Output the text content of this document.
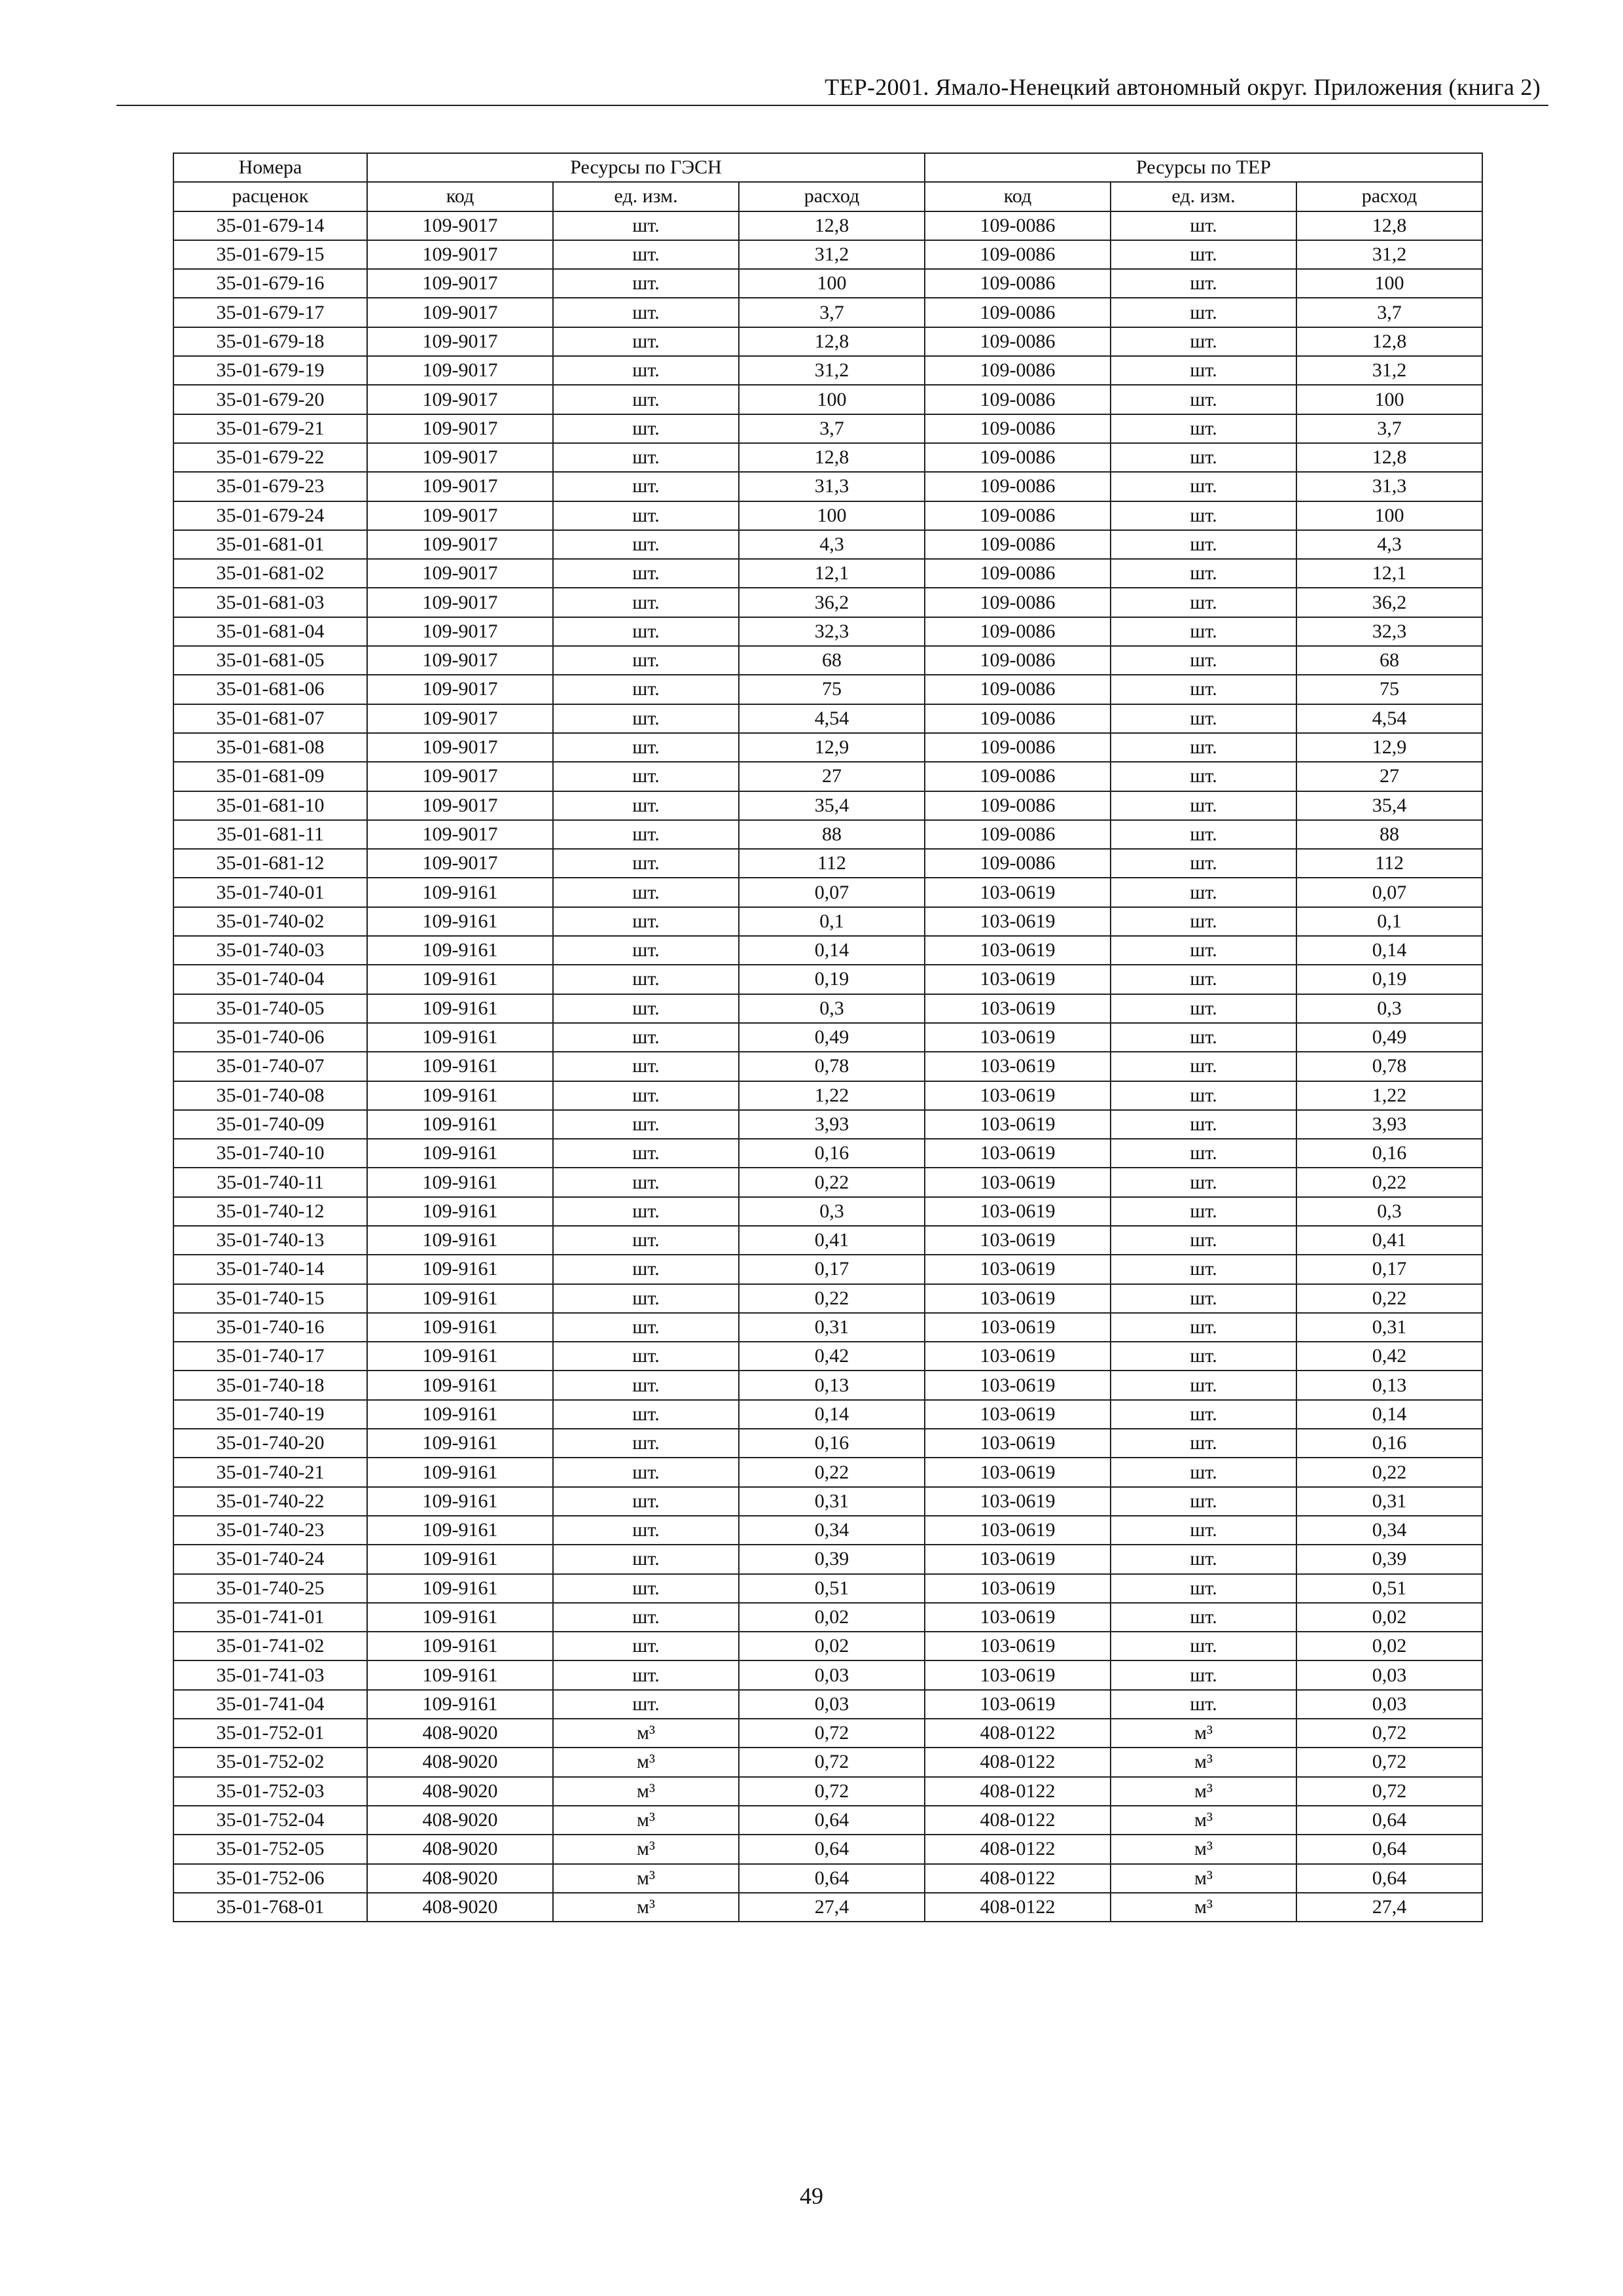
ТЕР-2001. Ямало-Ненецкий автономный округ. Приложения (книга 2)
Номера	Ресурсы по ГЭСН			Ресурсы по ТЕР		
расценок	код	ед. изм.	расход	код	ед. изм.	расход
35-01-679-14	109-9017	шт.	12,8	109-0086	шт.	12,8
35-01-679-15	109-9017	шт.	31,2	109-0086	шт.	31,2
35-01-679-16	109-9017	шт.	100	109-0086	шт.	100
35-01-679-17	109-9017	шт.	3,7	109-0086	шт.	3,7
35-01-679-18	109-9017	шт.	12,8	109-0086	шт.	12,8
35-01-679-19	109-9017	шт.	31,2	109-0086	шт.	31,2
35-01-679-20	109-9017	шт.	100	109-0086	шт.	100
35-01-679-21	109-9017	шт.	3,7	109-0086	шт.	3,7
35-01-679-22	109-9017	шт.	12,8	109-0086	шт.	12,8
35-01-679-23	109-9017	шт.	31,3	109-0086	шт.	31,3
35-01-679-24	109-9017	шт.	100	109-0086	шт.	100
35-01-681-01	109-9017	шт.	4,3	109-0086	шт.	4,3
35-01-681-02	109-9017	шт.	12,1	109-0086	шт.	12,1
35-01-681-03	109-9017	шт.	36,2	109-0086	шт.	36,2
35-01-681-04	109-9017	шт.	32,3	109-0086	шт.	32,3
35-01-681-05	109-9017	шт.	68	109-0086	шт.	68
35-01-681-06	109-9017	шт.	75	109-0086	шт.	75
35-01-681-07	109-9017	шт.	4,54	109-0086	шт.	4,54
35-01-681-08	109-9017	шт.	12,9	109-0086	шт.	12,9
35-01-681-09	109-9017	шт.	27	109-0086	шт.	27
35-01-681-10	109-9017	шт.	35,4	109-0086	шт.	35,4
35-01-681-11	109-9017	шт.	88	109-0086	шт.	88
35-01-681-12	109-9017	шт.	112	109-0086	шт.	112
35-01-740-01	109-9161	шт.	0,07	103-0619	шт.	0,07
35-01-740-02	109-9161	шт.	0,1	103-0619	шт.	0,1
35-01-740-03	109-9161	шт.	0,14	103-0619	шт.	0,14
35-01-740-04	109-9161	шт.	0,19	103-0619	шт.	0,19
35-01-740-05	109-9161	шт.	0,3	103-0619	шт.	0,3
35-01-740-06	109-9161	шт.	0,49	103-0619	шт.	0,49
35-01-740-07	109-9161	шт.	0,78	103-0619	шт.	0,78
35-01-740-08	109-9161	шт.	1,22	103-0619	шт.	1,22
35-01-740-09	109-9161	шт.	3,93	103-0619	шт.	3,93
35-01-740-10	109-9161	шт.	0,16	103-0619	шт.	0,16
35-01-740-11	109-9161	шт.	0,22	103-0619	шт.	0,22
35-01-740-12	109-9161	шт.	0,3	103-0619	шт.	0,3
35-01-740-13	109-9161	шт.	0,41	103-0619	шт.	0,41
35-01-740-14	109-9161	шт.	0,17	103-0619	шт.	0,17
35-01-740-15	109-9161	шт.	0,22	103-0619	шт.	0,22
35-01-740-16	109-9161	шт.	0,31	103-0619	шт.	0,31
35-01-740-17	109-9161	шт.	0,42	103-0619	шт.	0,42
35-01-740-18	109-9161	шт.	0,13	103-0619	шт.	0,13
35-01-740-19	109-9161	шт.	0,14	103-0619	шт.	0,14
35-01-740-20	109-9161	шт.	0,16	103-0619	шт.	0,16
35-01-740-21	109-9161	шт.	0,22	103-0619	шт.	0,22
35-01-740-22	109-9161	шт.	0,31	103-0619	шт.	0,31
35-01-740-23	109-9161	шт.	0,34	103-0619	шт.	0,34
35-01-740-24	109-9161	шт.	0,39	103-0619	шт.	0,39
35-01-740-25	109-9161	шт.	0,51	103-0619	шт.	0,51
35-01-741-01	109-9161	шт.	0,02	103-0619	шт.	0,02
35-01-741-02	109-9161	шт.	0,02	103-0619	шт.	0,02
35-01-741-03	109-9161	шт.	0,03	103-0619	шт.	0,03
35-01-741-04	109-9161	шт.	0,03	103-0619	шт.	0,03
35-01-752-01	408-9020	м³	0,72	408-0122	м³	0,72
35-01-752-02	408-9020	м³	0,72	408-0122	м³	0,72
35-01-752-03	408-9020	м³	0,72	408-0122	м³	0,72
35-01-752-04	408-9020	м³	0,64	408-0122	м³	0,64
35-01-752-05	408-9020	м³	0,64	408-0122	м³	0,64
35-01-752-06	408-9020	м³	0,64	408-0122	м³	0,64
35-01-768-01	408-9020	м³	27,4	408-0122	м³	27,4
49
